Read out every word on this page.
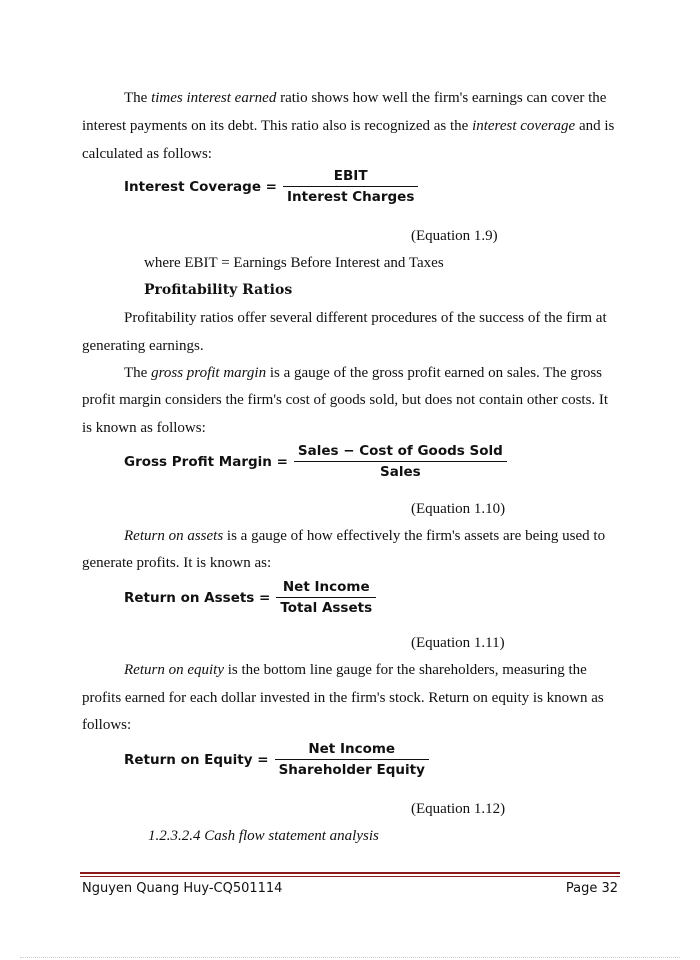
The times interest earned ratio shows how well the firm's earnings can cover the
interest payments on its debt. This ratio also is recognized as the interest coverage and is
calculated as follows:
Interest Coverage = $\frac{\text{EBIT}}{\text{Interest Charges}}$
(Equation 1.9)
where EBIT = Earnings Before Interest and Taxes
Profitability Ratios
Profitability ratios offer several different procedures of the success of the firm at
generating earnings.
The gross profit margin is a gauge of the gross profit earned on sales. The gross
profit margin considers the firm's cost of goods sold, but does not contain other costs. It
is known as follows:
Gross Profit Margin = $\frac{\text{Sales − Cost of Goods Sold}}{\text{Sales}}$
(Equation 1.10)
Return on assets is a gauge of how effectively the firm's assets are being used to
generate profits. It is known as:
Return on Assets = $\frac{\text{Net Income}}{\text{Total Assets}}$
(Equation 1.11)
Return on equity is the bottom line gauge for the shareholders, measuring the
profits earned for each dollar invested in the firm's stock. Return on equity is known as
follows:
Return on Equity = $\frac{\text{Net Income}}{\text{Shareholder Equity}}$
(Equation 1.12)
1.2.3.2.4 Cash flow statement analysis
Nguyen Quang Huy-CQ501114	Page 32
